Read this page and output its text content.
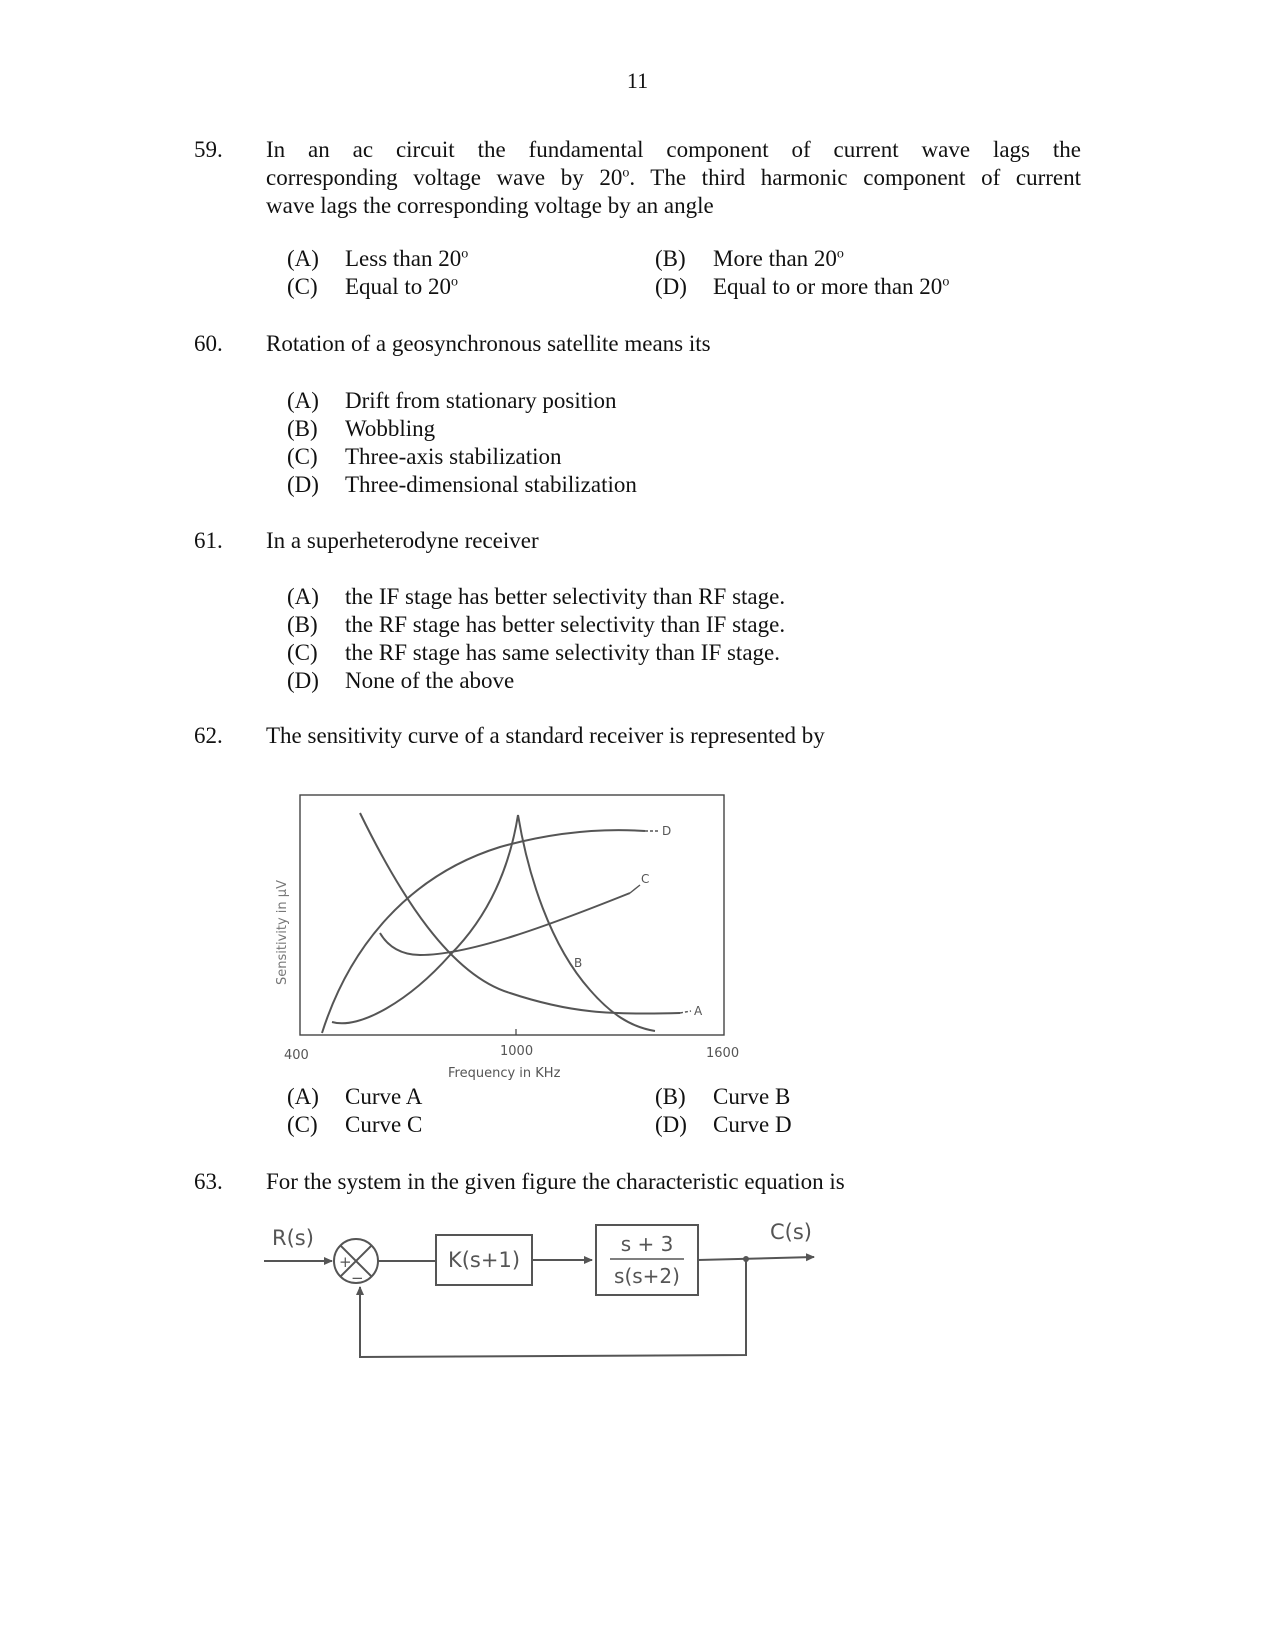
11
59. In an ac circuit the fundamental component of current wave lags the
corresponding voltage wave by 20$^o$. The third harmonic component of current
wave lags the corresponding voltage by an angle
(A) Less than 20$^o$	(B) More than 20$^o$
(C) Equal to 20$^o$	(D) Equal to or more than 20$^o$
60. Rotation of a geosynchronous satellite means its
(A) Drift from stationary position
(B) Wobbling
(C) Three-axis stabilization
(D) Three-dimensional stabilization
61. In a superheterodyne receiver
(A) the IF stage has better selectivity than RF stage.
(B) the RF stage has better selectivity than IF stage.
(C) the RF stage has same selectivity than IF stage.
(D) None of the above
62. The sensitivity curve of a standard receiver is represented by
D
C
B
A
400	1000	1600
Frequency in KHz
Sensitivity in µV
(A) Curve A	(B) Curve B
(C) Curve C	(D) Curve D
63. For the system in the given figure the characteristic equation is
R(s)
+
−
K(s+1)
s + 3
s(s+2)
C(s)
